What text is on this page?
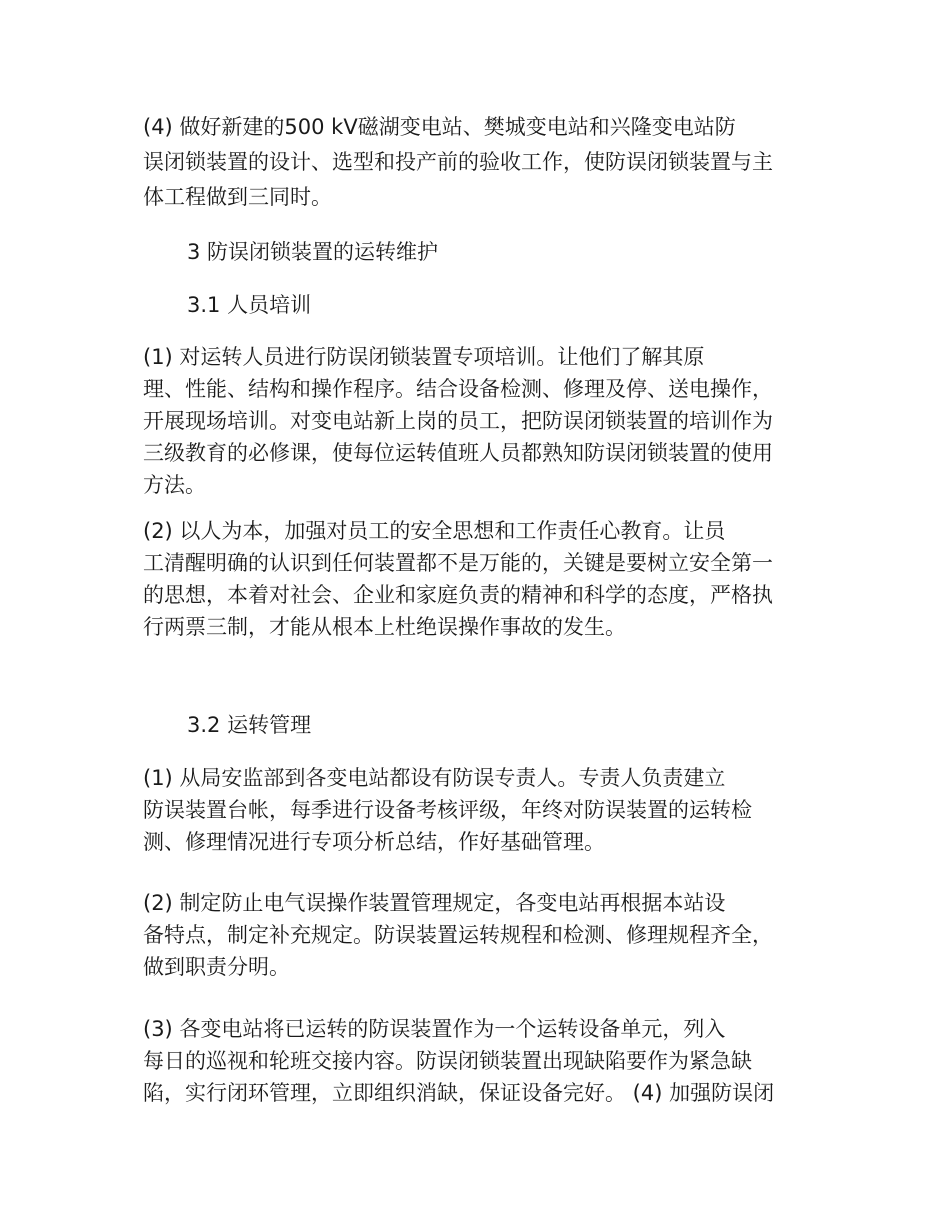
(4) 做好新建的500 kV磁湖变电站、樊城变电站和兴隆变电站防
误闭锁装置的设计、选型和投产前的验收工作，使防误闭锁装置与主
体工程做到三同时。
3 防误闭锁装置的运转维护
3.1 人员培训
(1) 对运转人员进行防误闭锁装置专项培训。让他们了解其原
理、性能、结构和操作程序。结合设备检测、修理及停、送电操作，
开展现场培训。对变电站新上岗的员工，把防误闭锁装置的培训作为
三级教育的必修课，使每位运转值班人员都熟知防误闭锁装置的使用
方法。
(2) 以人为本，加强对员工的安全思想和工作责任心教育。让员
工清醒明确的认识到任何装置都不是万能的，关键是要树立安全第一
的思想，本着对社会、企业和家庭负责的精神和科学的态度，严格执
行两票三制，才能从根本上杜绝误操作事故的发生。
3.2 运转管理
(1) 从局安监部到各变电站都设有防误专责人。专责人负责建立
防误装置台帐，每季进行设备考核评级，年终对防误装置的运转检
测、修理情况进行专项分析总结，作好基础管理。
(2) 制定防止电气误操作装置管理规定，各变电站再根据本站设
备特点，制定补充规定。防误装置运转规程和检测、修理规程齐全，
做到职责分明。
(3) 各变电站将已运转的防误装置作为一个运转设备单元，列入
每日的巡视和轮班交接内容。防误闭锁装置出现缺陷要作为紧急缺
陷，实行闭环管理，立即组织消缺，保证设备完好。 (4) 加强防误闭
